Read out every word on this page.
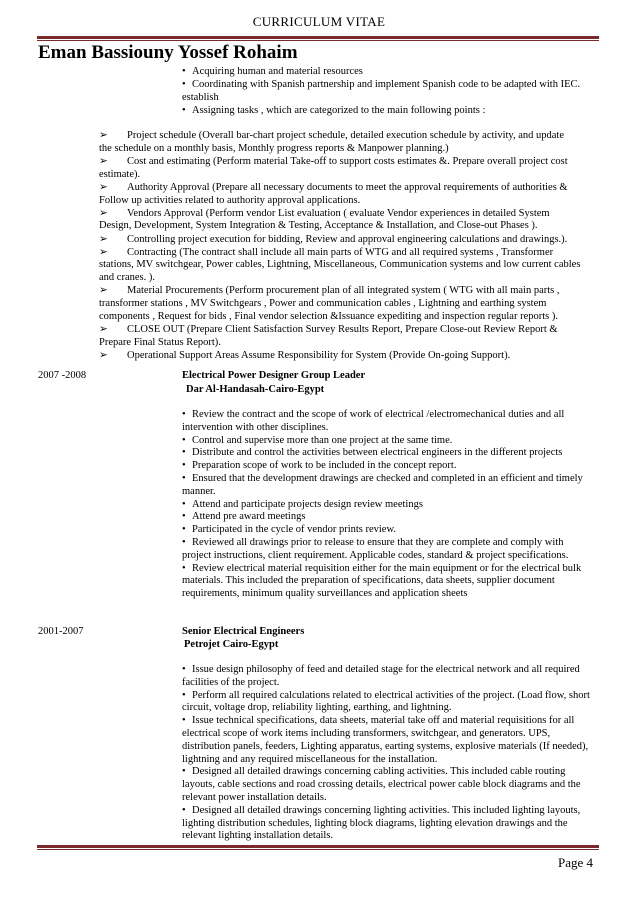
CURRICULUM VITAE
Eman Bassiouny Yossef Rohaim
• Acquiring human and material resources
• Coordinating with Spanish partnership and implement Spanish code to be adapted with IEC.
establish
• Assigning tasks , which are categorized to the main following points :
➢ Project schedule (Overall bar-chart project schedule, detailed execution schedule by activity, and update
the schedule on a monthly basis, Monthly progress reports & Manpower planning.)
➢ Cost and estimating (Perform material Take-off to support costs estimates &. Prepare overall project cost
estimate).
➢ Authority Approval (Prepare all necessary documents to meet the approval requirements of authorities &
Follow up activities related to authority approval applications.
➢ Vendors Approval (Perform vendor List evaluation ( evaluate Vendor experiences in detailed System
Design, Development, System Integration & Testing, Acceptance & Installation, and Close-out Phases ).
➢ Controlling project execution for bidding, Review and approval engineering calculations and drawings.).
➢ Contracting (The contract shall include all main parts of WTG and all required systems , Transformer
stations, MV switchgear, Power cables, Lightning, Miscellaneous, Communication systems and low current cables
and cranes. ).
➢ Material Procurements (Perform procurement plan of all integrated system ( WTG with all main parts ,
transformer stations , MV Switchgears , Power and communication cables , Lightning and earthing system
components , Request for bids , Final vendor selection &Issuance expediting and inspection regular reports ).
➢ CLOSE OUT (Prepare Client Satisfaction Survey Results Report, Prepare Close-out Review Report &
Prepare Final Status Report).
➢ Operational Support Areas Assume Responsibility for System (Provide On-going Support).
2007 -2008	Electrical Power Designer Group Leader
Dar Al-Handasah-Cairo-Egypt
•Review the contract and the scope of work of electrical /electromechanical duties and all
intervention with other disciplines.
•Control and supervise more than one project at the same time.
•Distribute and control the activities between electrical engineers in the different projects
•Preparation scope of work to be included in the concept report.
•Ensured that the development drawings are checked and completed in an efficient and timely
manner.
•Attend and participate projects design review meetings
•Attend pre award meetings
•Participated in the cycle of vendor prints review.
•Reviewed all drawings prior to release to ensure that they are complete and comply with
project instructions, client requirement. Applicable codes, standard & project specifications.
•Review electrical material requisition either for the main equipment or for the electrical bulk
materials. This included the preparation of specifications, data sheets, supplier document
requirements, minimum quality surveillances and application sheets
2001-2007	Senior Electrical Engineers
Petrojet Cairo-Egypt
•Issue design philosophy of feed and detailed stage for the electrical network and all required
facilities of the project.
•Perform all required calculations related to electrical activities of the project. (Load flow, short
circuit, voltage drop, reliability lighting, earthing, and lightning.
•Issue technical specifications, data sheets, material take off and material requisitions for all
electrical scope of work items including transformers, switchgear, and generators. UPS,
distribution panels, feeders, Lighting apparatus, earting systems, explosive materials (If needed),
lightning and any required miscellaneous for the installation.
•Designed all detailed drawings concerning cabling activities. This included cable routing
layouts, cable sections and road crossing details, electrical power cable block diagrams and the
relevant power installation details.
•Designed all detailed drawings concerning lighting activities. This included lighting layouts,
lighting distribution schedules, lighting block diagrams, lighting elevation drawings and the
relevant lighting installation details.
Page 4
